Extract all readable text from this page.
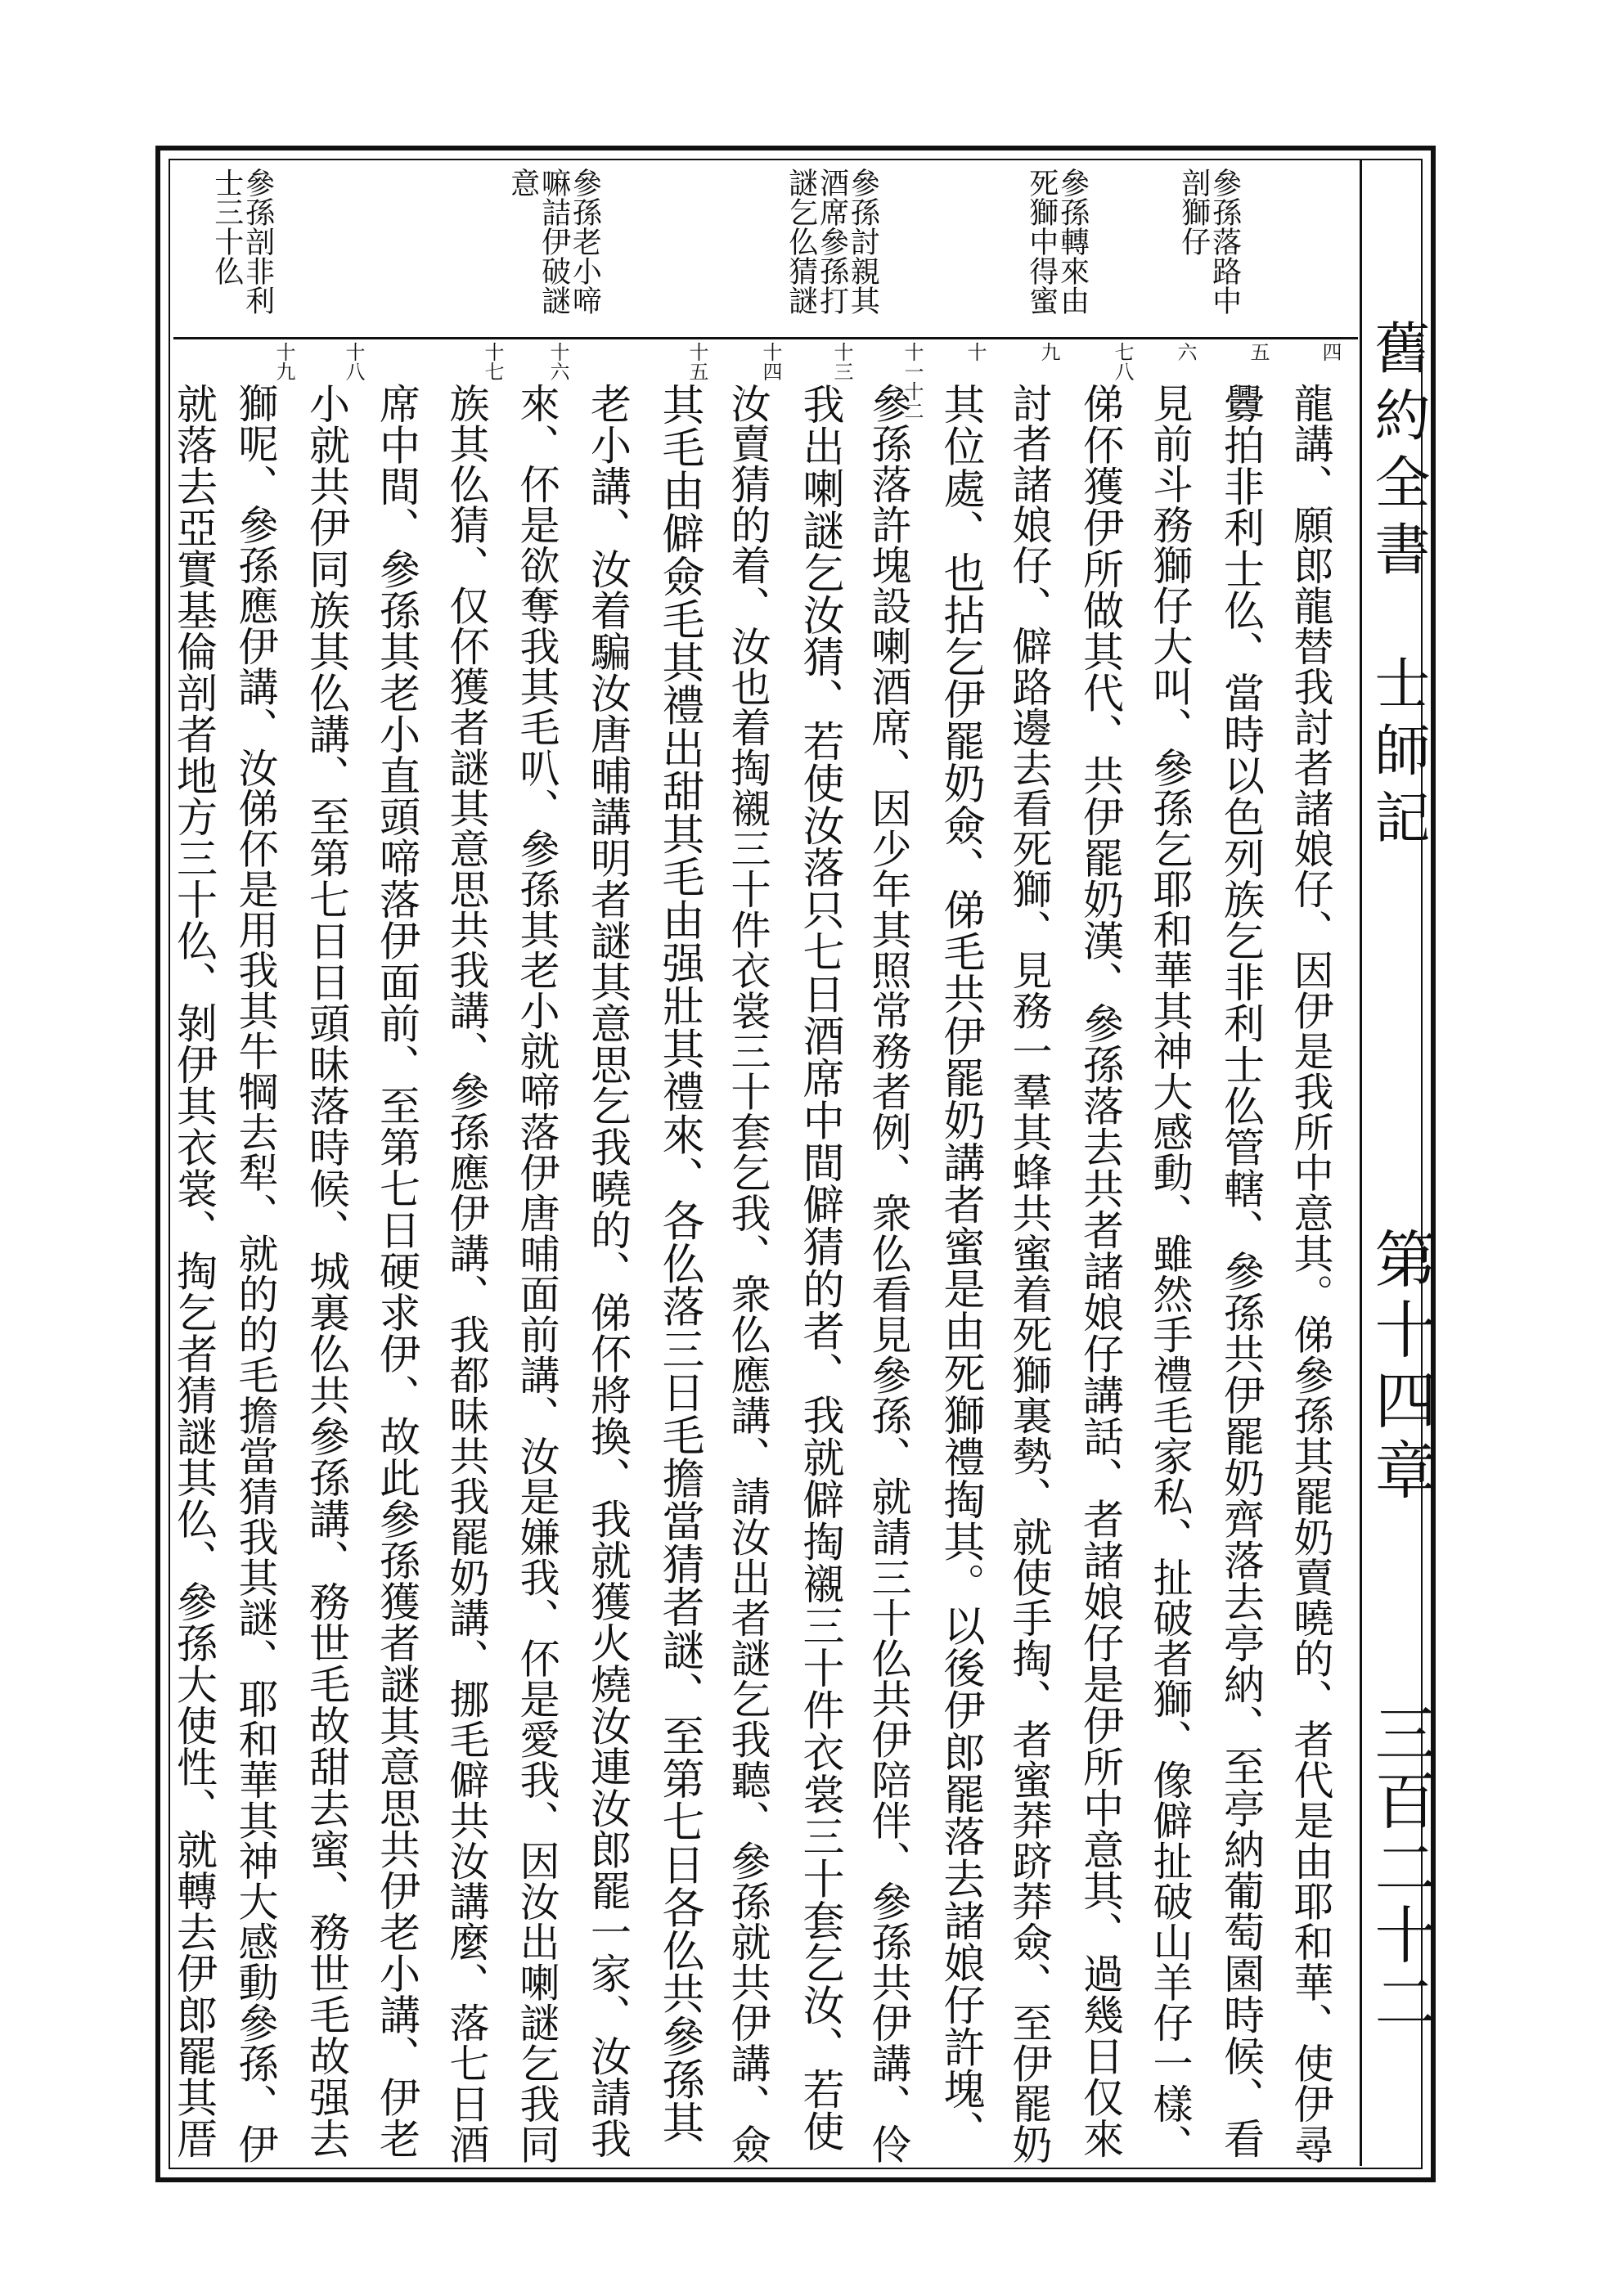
舊約全書　士師記
第十四章
三百二十二
參孫落路中剖獅仔
參孫轉來由死獅中得蜜
參孫討親其酒席參孫打謎乞仫猜謎
參孫老小啼嘛詰伊破謎意
參孫剖非利士三十仫
四
五
六
七八
九
十
十一十二
十三
十四
十五
十六
十七
十八
十九
龍講、願郎龍替我討者諸娘仔、因伊是我所中意其。俤參孫其罷奶賣曉的、者代是由耶和華、使伊尋
釁拍非利士仫、當時以色列族乞非利士仫管轄、參孫共伊罷奶齊落去亭納、至亭納葡萄園時候、看
見前斗務獅仔大叫、參孫乞耶和華其神大感動、雖然手禮毛家私、扯破者獅、像僻扯破山羊仔一樣、
俤伓獲伊所做其代、共伊罷奶漢、參孫落去共者諸娘仔講話、者諸娘仔是伊所中意其、過幾日仅來
討者諸娘仔、僻路邊去看死獅、見務一羣其蜂共蜜着死獅裏勢、就使手掏、者蜜莽跻莽僉、至伊罷奶
其位處、也拈乞伊罷奶僉、俤毛共伊罷奶講者蜜是由死獅禮掏其。以後伊郎罷落去諸娘仔許塊、
參孫落許塊設喇酒席、因少年其照常務者例、衆仫看見參孫、就請三十仫共伊陪伴、參孫共伊講、伶
我出喇謎乞汝猜、若使汝落只七日酒席中間僻猜的者、我就僻掏襯三十件衣裳三十套乞汝、若使
汝賣猜的着、汝也着掏襯三十件衣裳三十套乞我、衆仫應講、請汝出者謎乞我聽、參孫就共伊講、僉
其毛由僻僉毛其禮出甜其毛由强壯其禮來、各仫落三日毛擔當猜者謎、至第七日各仫共參孫其
老小講、汝着騙汝唐晡講明者謎其意思乞我曉的、俤伓將換、我就獲火燒汝連汝郎罷一家、汝請我
來、伓是欲奪我其毛叭、參孫其老小就啼落伊唐晡面前講、汝是嫌我、伓是愛我、因汝出喇謎乞我同
族其仫猜、仅伓獲者謎其意思共我講、參孫應伊講、我都昧共我罷奶講、挪毛僻共汝講麼、落七日酒
席中間、參孫其老小直頭啼落伊面前、至第七日硬求伊、故此參孫獲者謎其意思共伊老小講、伊老
小就共伊同族其仫講、至第七日日頭昧落時候、城裏仫共參孫講、務世毛故甜去蜜、務世毛故强去
獅呢、參孫應伊講、汝俤伓是用我其牛犅去犁、就的的毛擔當猜我其謎、耶和華其神大感動參孫、伊
就落去亞實基倫剖者地方三十仫、剝伊其衣裳、掏乞者猜謎其仫、參孫大使性、就轉去伊郎罷其厝
